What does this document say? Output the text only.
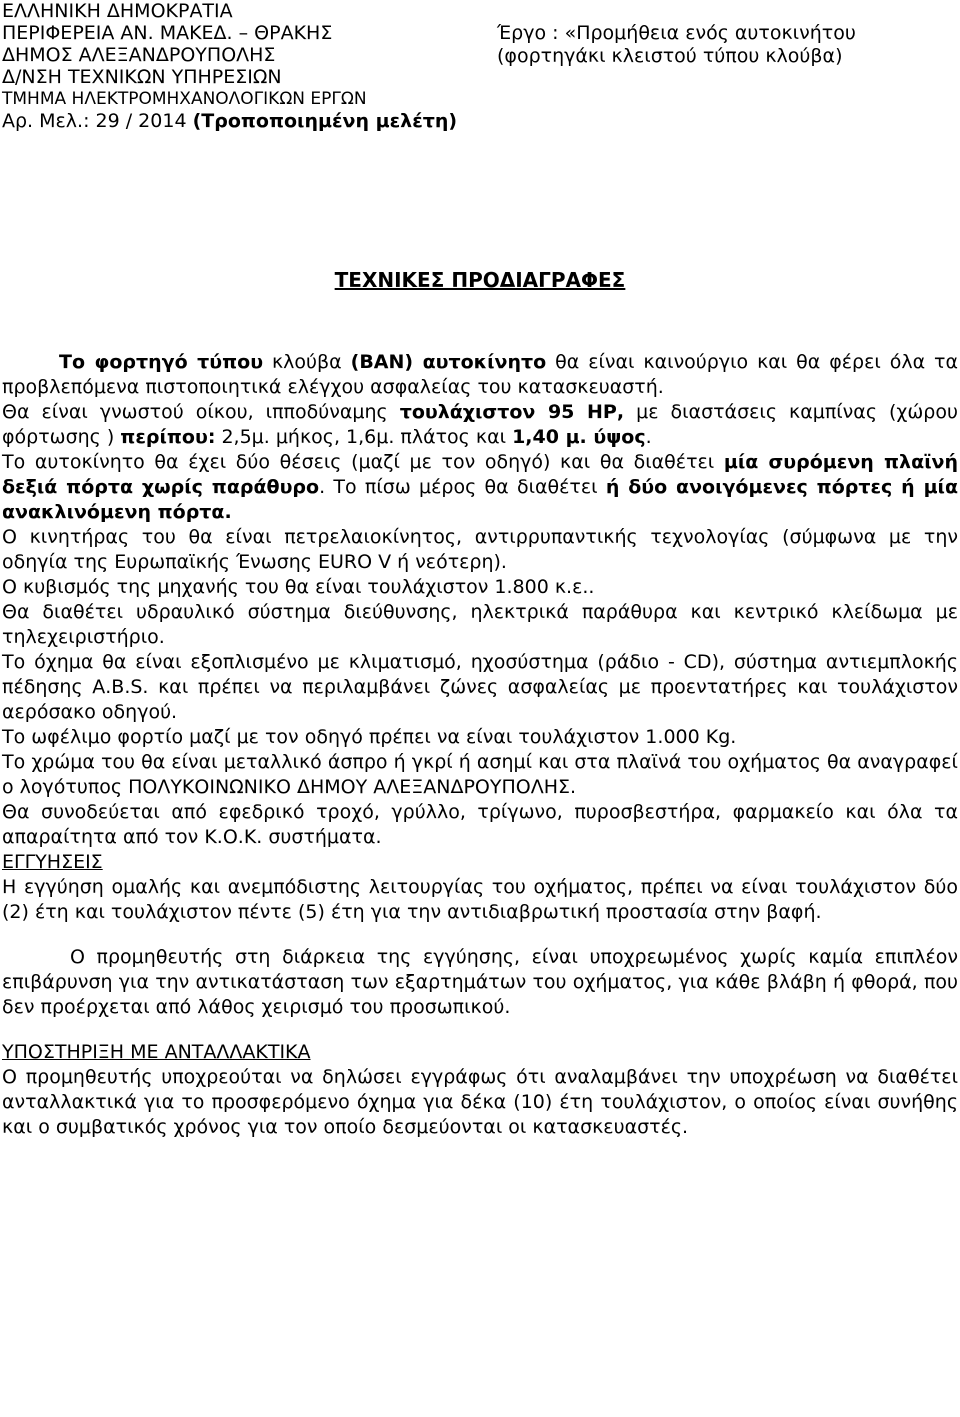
ΕΛΛΗΝΙΚΗ ΔΗΜΟΚΡΑΤΙΑ
ΠΕΡΙΦΕΡΕΙΑ ΑΝ. ΜΑΚΕΔ. – ΘΡΑΚΗΣ
ΔΗΜΟΣ ΑΛΕΞΑΝΔΡΟΥΠΟΛΗΣ
Δ/ΝΣΗ ΤΕΧΝΙΚΩΝ ΥΠΗΡΕΣΙΩΝ
ΤΜΗΜΑ ΗΛΕΚΤΡΟΜΗΧΑΝΟΛΟΓΙΚΩΝ ΕΡΓΩΝ
Αρ. Μελ.: 29 / 2014 (Τροποποιημένη μελέτη)
Έργο : «Προμήθεια ενός αυτοκινήτου
(φορτηγάκι κλειστού τύπου κλούβα)
ΤΕΧΝΙΚΕΣ ΠΡΟΔΙΑΓΡΑΦΕΣ

Το φορτηγό τύπου κλούβα (ΒΑΝ) αυτοκίνητο θα είναι καινούργιο και θα φέρει όλα τα προβλεπόμενα πιστοποιητικά ελέγχου ασφαλείας του κατασκευαστή.

Θα είναι γνωστού οίκου, ιπποδύναμης τουλάχιστον 95 ΗΡ, με διαστάσεις καμπίνας (χώρου φόρτωσης ) περίπου: 2,5μ. μήκος, 1,6μ. πλάτος και 1,40 μ. ύψος.

Το αυτοκίνητο θα έχει δύο θέσεις (μαζί με τον οδηγό) και θα διαθέτει μία συρόμενη πλαϊνή δεξιά πόρτα χωρίς παράθυρο. Το πίσω μέρος θα διαθέτει ή δύο ανοιγόμενες πόρτες ή μία ανακλινόμενη πόρτα.

Ο κινητήρας του θα είναι πετρελαιοκίνητος, αντιρρυπαντικής τεχνολογίας (σύμφωνα με την οδηγία της Ευρωπαϊκής Ένωσης EURO V ή νεότερη).

Ο κυβισμός της μηχανής του θα είναι τουλάχιστον 1.800 κ.ε..

Θα διαθέτει υδραυλικό σύστημα διεύθυνσης, ηλεκτρικά παράθυρα και κεντρικό κλείδωμα με τηλεχειριστήριο.

Το όχημα θα είναι εξοπλισμένο με κλιματισμό, ηχοσύστημα (ράδιο - CD), σύστημα αντιεμπλοκής πέδησης Α.Β.S. και πρέπει να περιλαμβάνει ζώνες ασφαλείας με προεντατήρες και τουλάχιστον αερόσακο οδηγού.

Το ωφέλιμο φορτίο μαζί με τον οδηγό πρέπει να είναι τουλάχιστον 1.000 Kg.

Το χρώμα του θα είναι μεταλλικό άσπρο ή γκρί ή ασημί και στα πλαϊνά του οχήματος θα αναγραφεί ο λογότυπος ΠΟΛΥΚΟΙΝΩΝΙΚΟ ΔΗΜΟΥ ΑΛΕΞΑΝΔΡΟΥΠΟΛΗΣ.

Θα συνοδεύεται από εφεδρικό τροχό, γρύλλο, τρίγωνο, πυροσβεστήρα, φαρμακείο και όλα τα απαραίτητα από τον Κ.Ο.Κ. συστήματα.

ΕΓΓΥΗΣΕΙΣ

Η εγγύηση ομαλής και ανεμπόδιστης λειτουργίας του οχήματος, πρέπει να είναι τουλάχιστον δύο (2) έτη και τουλάχιστον πέντε (5) έτη για την αντιδιαβρωτική προστασία στην βαφή.

Ο προμηθευτής στη διάρκεια της εγγύησης, είναι υποχρεωμένος χωρίς καμία επιπλέον επιβάρυνση για την αντικατάσταση των εξαρτημάτων του οχήματος, για κάθε βλάβη ή φθορά, που δεν προέρχεται από λάθος χειρισμό του προσωπικού.

ΥΠΟΣΤΗΡΙΞΗ ΜΕ ΑΝΤΑΛΛΑΚΤΙΚΑ

Ο προμηθευτής υποχρεούται να δηλώσει εγγράφως ότι αναλαμβάνει την υποχρέωση να διαθέτει ανταλλακτικά για το προσφερόμενο όχημα για δέκα (10) έτη τουλάχιστον, ο οποίος είναι συνήθης και ο συμβατικός χρόνος για τον οποίο δεσμεύονται οι κατασκευαστές.
